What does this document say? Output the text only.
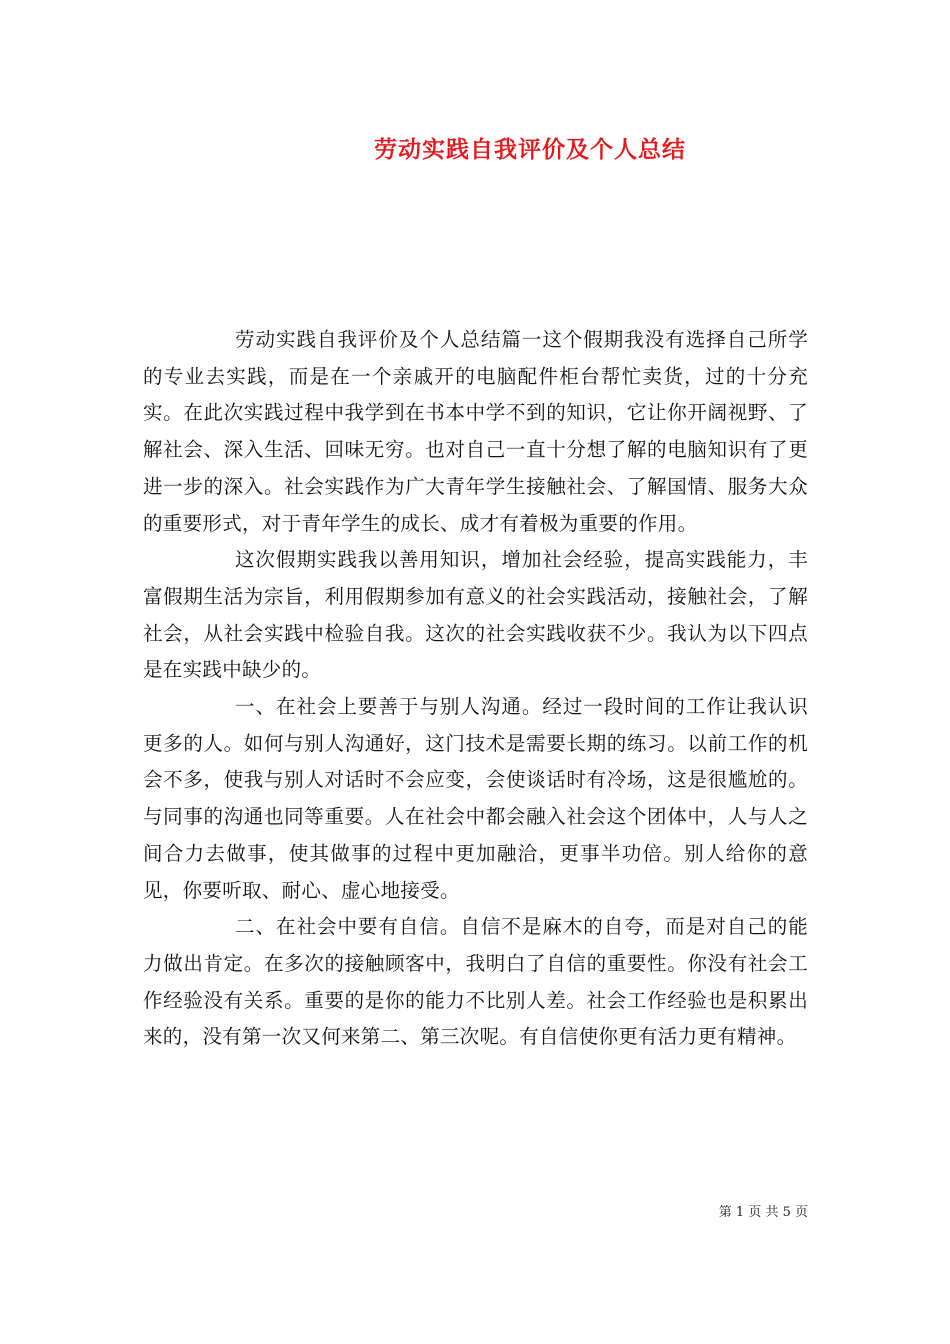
劳动实践自我评价及个人总结

劳动实践自我评价及个人总结篇一这个假期我没有选择自己所学的专业去实践，而是在一个亲戚开的电脑配件柜台帮忙卖货，过的十分充实。在此次实践过程中我学到在书本中学不到的知识，它让你开阔视野、了解社会、深入生活、回味无穷。也对自己一直十分想了解的电脑知识有了更进一步的深入。社会实践作为广大青年学生接触社会、了解国情、服务大众的重要形式，对于青年学生的成长、成才有着极为重要的作用。

这次假期实践我以善用知识，增加社会经验，提高实践能力，丰富假期生活为宗旨，利用假期参加有意义的社会实践活动，接触社会，了解社会，从社会实践中检验自我。这次的社会实践收获不少。我认为以下四点是在实践中缺少的。

一、在社会上要善于与别人沟通。经过一段时间的工作让我认识更多的人。如何与别人沟通好，这门技术是需要长期的练习。以前工作的机会不多，使我与别人对话时不会应变，会使谈话时有冷场，这是很尴尬的。与同事的沟通也同等重要。人在社会中都会融入社会这个团体中，人与人之间合力去做事，使其做事的过程中更加融洽，更事半功倍。别人给你的意见，你要听取、耐心、虚心地接受。

二、在社会中要有自信。自信不是麻木的自夸，而是对自己的能力做出肯定。在多次的接触顾客中，我明白了自信的重要性。你没有社会工作经验没有关系。重要的是你的能力不比别人差。社会工作经验也是积累出来的，没有第一次又何来第二、第三次呢。有自信使你更有活力更有精神。

第 1 页 共 5 页
